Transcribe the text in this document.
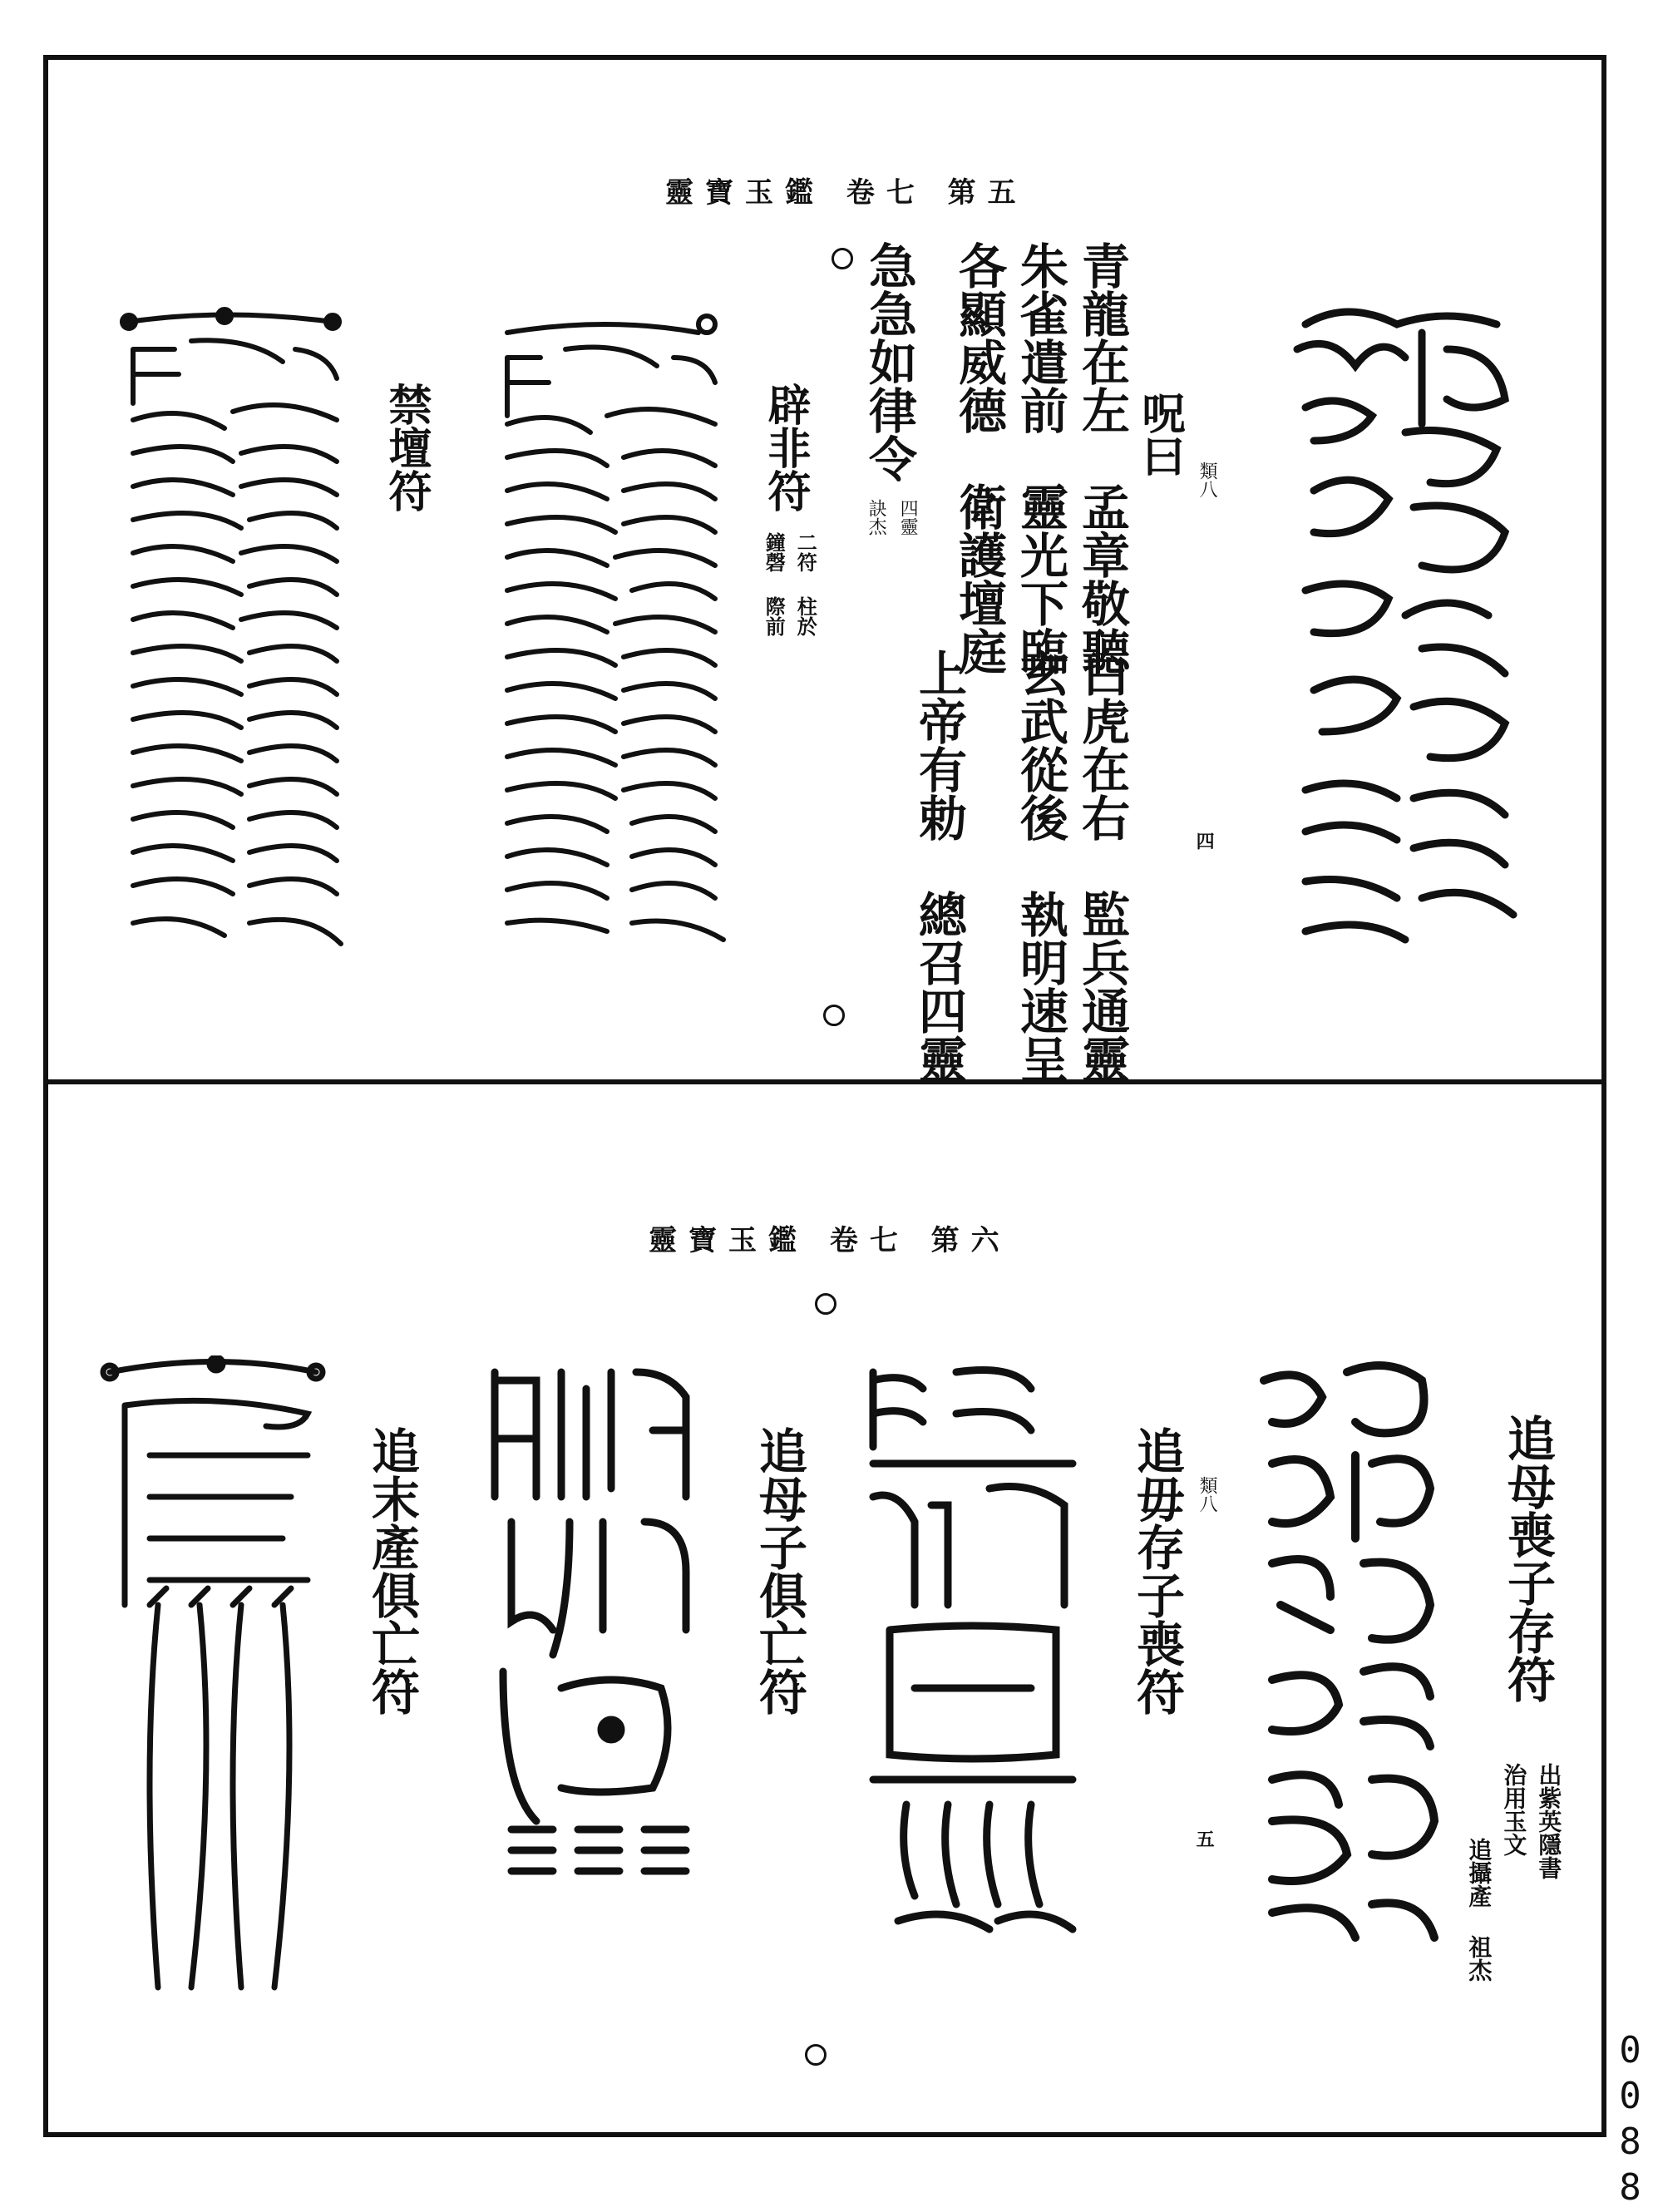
靈寶玉鑑 卷七 第五
呪曰
類八
四
青龍在左　孟章敬聽
白虎在右　監兵通靈
朱雀遣前　靈光下臨
玄武從後　執明速呈
各顯威德　衛護壇庭
上帝有勅　總召四靈
急急如律令
四靈
訣杰
辟非符
二符 柱於
鐘磬 際前
禁壇符
靈寶玉鑑 卷七 第六
追母喪子存符
出紫英隱書
治用玉文
追攝產 祖杰
追毋存子喪符 類八
五
追母子俱亡符
追末產俱亡符
0088
